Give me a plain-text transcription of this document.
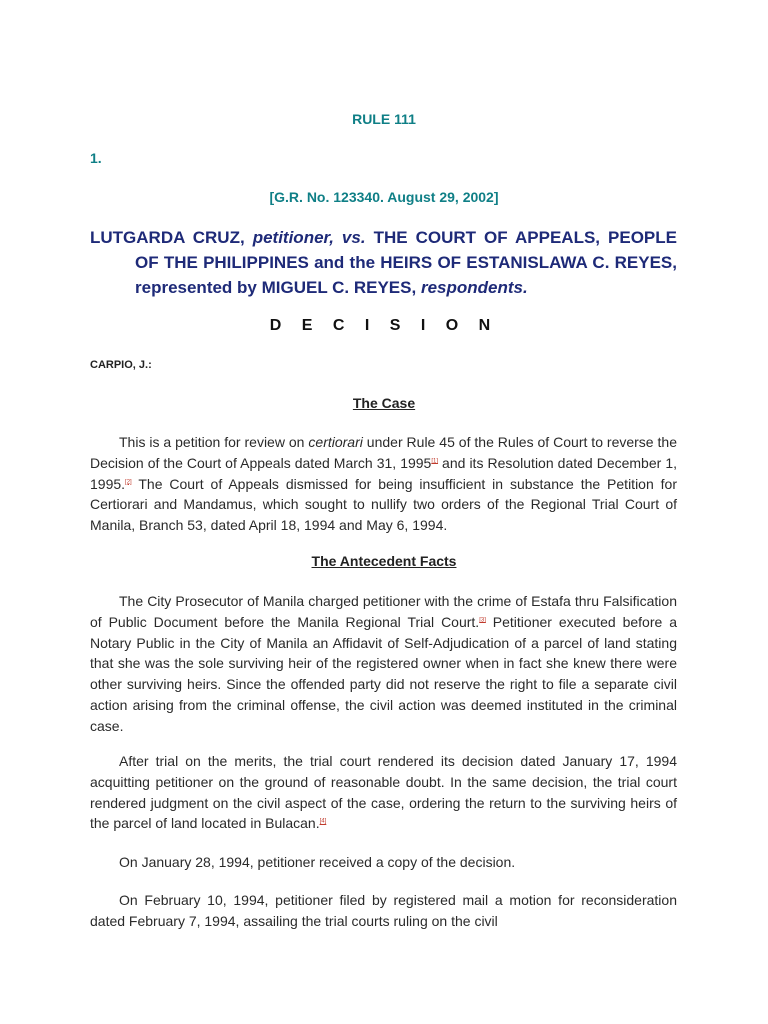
RULE 111
1.
[G.R. No. 123340. August 29, 2002]
LUTGARDA CRUZ, petitioner, vs. THE COURT OF APPEALS, PEOPLE OF THE PHILIPPINES and the HEIRS OF ESTANISLAWA C. REYES, represented by MIGUEL C. REYES, respondents.
D E C I S I O N
CARPIO, J.:
The Case
This is a petition for review on certiorari under Rule 45 of the Rules of Court to reverse the Decision of the Court of Appeals dated March 31, 1995[1] and its Resolution dated December 1, 1995.[2] The Court of Appeals dismissed for being insufficient in substance the Petition for Certiorari and Mandamus, which sought to nullify two orders of the Regional Trial Court of Manila, Branch 53, dated April 18, 1994 and May 6, 1994.
The Antecedent Facts
The City Prosecutor of Manila charged petitioner with the crime of Estafa thru Falsification of Public Document before the Manila Regional Trial Court.[3] Petitioner executed before a Notary Public in the City of Manila an Affidavit of Self-Adjudication of a parcel of land stating that she was the sole surviving heir of the registered owner when in fact she knew there were other surviving heirs. Since the offended party did not reserve the right to file a separate civil action arising from the criminal offense, the civil action was deemed instituted in the criminal case.
After trial on the merits, the trial court rendered its decision dated January 17, 1994 acquitting petitioner on the ground of reasonable doubt. In the same decision, the trial court rendered judgment on the civil aspect of the case, ordering the return to the surviving heirs of the parcel of land located in Bulacan.[4]
On January 28, 1994, petitioner received a copy of the decision.
On February 10, 1994, petitioner filed by registered mail a motion for reconsideration dated February 7, 1994, assailing the trial courts ruling on the civil
